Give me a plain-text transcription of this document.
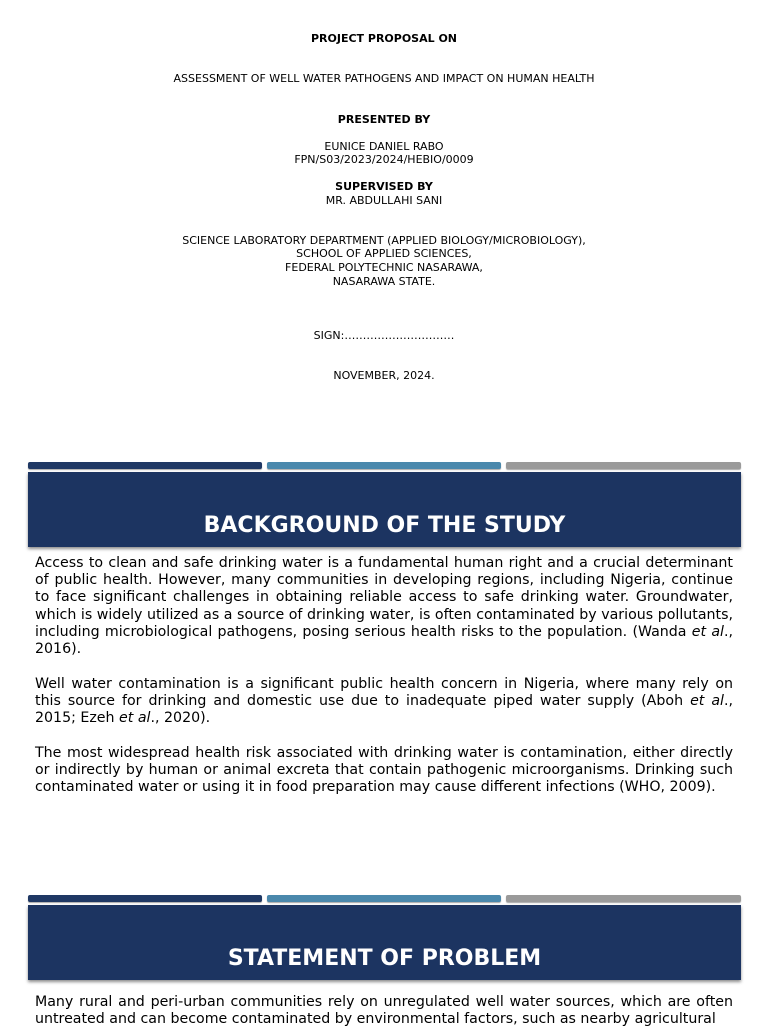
PROJECT PROPOSAL ON
ASSESSMENT OF WELL WATER PATHOGENS AND IMPACT ON HUMAN HEALTH
PRESENTED BY
EUNICE DANIEL RABO
FPN/S03/2023/2024/HEBIO/0009
SUPERVISED BY
MR. ABDULLAHI SANI
SCIENCE LABORATORY DEPARTMENT (APPLIED BIOLOGY/MICROBIOLOGY),
SCHOOL OF APPLIED SCIENCES,
FEDERAL POLYTECHNIC NASARAWA,
NASARAWA STATE.
SIGN:…………………………
NOVEMBER, 2024.
BACKGROUND OF THE STUDY

Access to clean and safe drinking water is a fundamental human right and a crucial determinant of public health. However, many communities in developing regions, including Nigeria, continue to face significant challenges in obtaining reliable access to safe drinking water. Groundwater, which is widely utilized as a source of drinking water, is often contaminated by various pollutants, including microbiological pathogens, posing serious health risks to the population. (Wanda et al., 2016).

Well water contamination is a significant public health concern in Nigeria, where many rely on this source for drinking and domestic use due to inadequate piped water supply (Aboh et al., 2015; Ezeh et al., 2020).

The most widespread health risk associated with drinking water is contamination, either directly or indirectly by human or animal excreta that contain pathogenic microorganisms. Drinking such contaminated water or using it in food preparation may cause different infections (WHO, 2009).

STATEMENT OF PROBLEM

Many rural and peri-urban communities rely on unregulated well water sources, which are often untreated and can become contaminated by environmental factors, such as nearby agricultural
